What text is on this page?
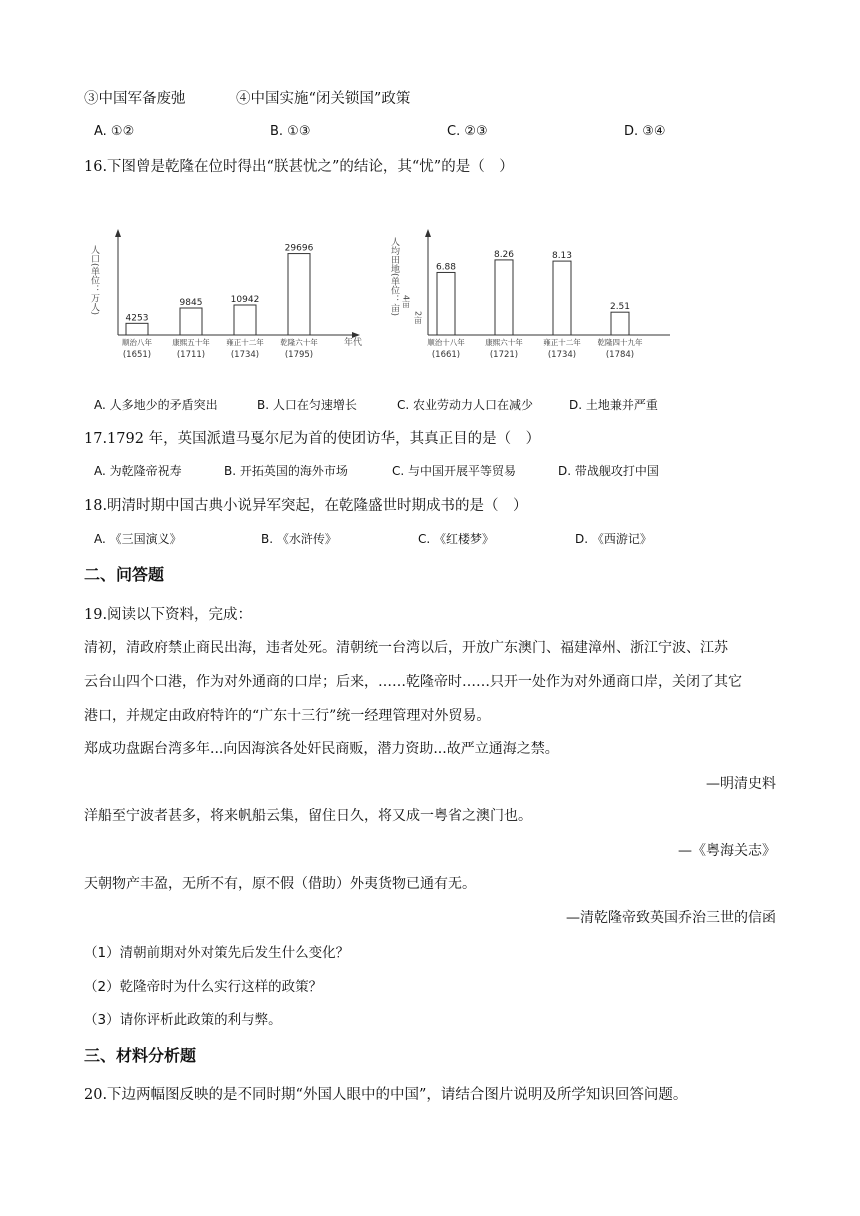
③中国军备废弛	④中国实施“闭关锁国”政策
A. ①②	B. ①③	C. ②③	D. ③④
16.下图曾是乾隆在位时得出“朕甚忧之”的结论，其“忧”的是（　）
人口(单位：万人)
年代
4253
顺治八年
(1651)
9845
康熙五十年
(1711)
10942
雍正十二年
(1734)
29696
乾隆六十年
(1795)
人均田地(单位：亩) 4亩
2亩
6.88
顺治十八年
(1661)
8.26
康熙六十年
(1721)
8.13
雍正十二年
(1734)
2.51
乾隆四十九年
(1784)
A. 人多地少的矛盾突出	B. 人口在匀速增长	C. 农业劳动力人口在减少	D. 土地兼并严重
17.1792 年，英国派遣马戛尔尼为首的使团访华，其真正目的是（　）
A. 为乾隆帝祝寿	B. 开拓英国的海外市场	C. 与中国开展平等贸易	D. 带战舰攻打中国
18.明清时期中国古典小说异军突起，在乾隆盛世时期成书的是（　）
A. 《三国演义》	B. 《水浒传》	C. 《红楼梦》	D. 《西游记》
二、问答题
19.阅读以下资料，完成：
清初，清政府禁止商民出海，违者处死。清朝统一台湾以后，开放广东澳门、福建漳州、浙江宁波、江苏
云台山四个口港，作为对外通商的口岸；后来，……乾隆帝时……只开一处作为对外通商口岸，关闭了其它
港口，并规定由政府特许的“广东十三行”统一经理管理对外贸易。
郑成功盘踞台湾多年...向因海滨各处奸民商贩，潜力资助...故严立通海之禁。
—明清史料
洋船至宁波者甚多，将来帆船云集，留住日久，将又成一粤省之澳门也。
—《粤海关志》
天朝物产丰盈，无所不有，原不假（借助）外夷货物已通有无。
—清乾隆帝致英国乔治三世的信函
（1）清朝前期对外对策先后发生什么变化？
（2）乾隆帝时为什么实行这样的政策？
（3）请你评析此政策的利与弊。
三、材料分析题
20.下边两幅图反映的是不同时期“外国人眼中的中国”，请结合图片说明及所学知识回答问题。
